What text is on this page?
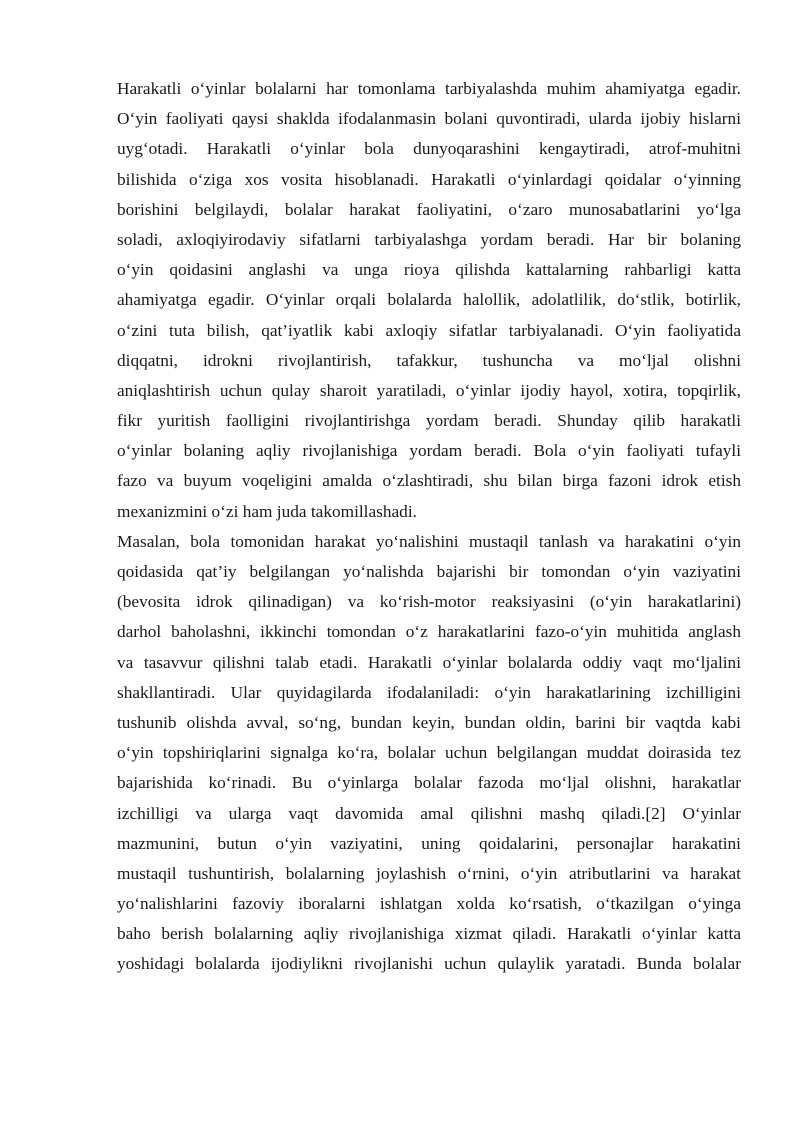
Harakatli o‘yinlar bolalarni har tomonlama tarbiyalashda muhim ahamiyatga egadir.
O‘yin faoliyati qaysi shaklda ifodalanmasin bolani quvontiradi, ularda ijobiy hislarni
uyg‘otadi. Harakatli o‘yinlar bola dunyoqarashini kengaytiradi, atrof-muhitni
bilishida o‘ziga xos vosita hisoblanadi. Harakatli o‘yinlardagi qoidalar o‘yinning
borishini belgilaydi, bolalar harakat faoliyatini, o‘zaro munosabatlarini yo‘lga
soladi, axloqiyirodaviy sifatlarni tarbiyalashga yordam beradi. Har bir bolaning
o‘yin qoidasini anglashi va unga rioya qilishda kattalarning rahbarligi katta
ahamiyatga egadir. O‘yinlar orqali bolalarda halollik, adolatlilik, do‘stlik, botirlik,
o‘zini tuta bilish, qat’iyatlik kabi axloqiy sifatlar tarbiyalanadi. O‘yin faoliyatida
diqqatni, idrokni rivojlantirish, tafakkur, tushuncha va mo‘ljal olishni
aniqlashtirish uchun qulay sharoit yaratiladi, o‘yinlar ijodiy hayol, xotira, topqirlik,
fikr yuritish faolligini rivojlantirishga yordam beradi. Shunday qilib harakatli
o‘yinlar bolaning aqliy rivojlanishiga yordam beradi. Bola o‘yin faoliyati tufayli
fazo va buyum voqeligini amalda o‘zlashtiradi, shu bilan birga fazoni idrok etish
mexanizmini o‘zi ham juda takomillashadi.
Masalan, bola tomonidan harakat yo‘nalishini mustaqil tanlash va harakatini o‘yin
qoidasida qat’iy belgilangan yo‘nalishda bajarishi bir tomondan o‘yin vaziyatini
(bevosita idrok qilinadigan) va ko‘rish-motor reaksiyasini (o‘yin harakatlarini)
darhol baholashni, ikkinchi tomondan o‘z harakatlarini fazo-o‘yin muhitida anglash
va tasavvur qilishni talab etadi. Harakatli o‘yinlar bolalarda oddiy vaqt mo‘ljalini
shakllantiradi. Ular quyidagilarda ifodalaniladi: o‘yin harakatlarining izchilligini
tushunib olishda avval, so‘ng, bundan keyin, bundan oldin, barini bir vaqtda kabi
o‘yin topshiriqlarini signalga ko‘ra, bolalar uchun belgilangan muddat doirasida tez
bajarishida ko‘rinadi. Bu o‘yinlarga bolalar fazoda mo‘ljal olishni, harakatlar
izchilligi va ularga vaqt davomida amal qilishni mashq qiladi.[2] O‘yinlar
mazmunini, butun o‘yin vaziyatini, uning qoidalarini, personajlar harakatini
mustaqil tushuntirish, bolalarning joylashish o‘rnini, o‘yin atributlarini va harakat
yo‘nalishlarini fazoviy iboralarni ishlatgan xolda ko‘rsatish, o‘tkazilgan o‘yinga
baho berish bolalarning aqliy rivojlanishiga xizmat qiladi. Harakatli o‘yinlar katta
yoshidagi bolalarda ijodiylikni rivojlanishi uchun qulaylik yaratadi. Bunda bolalar
